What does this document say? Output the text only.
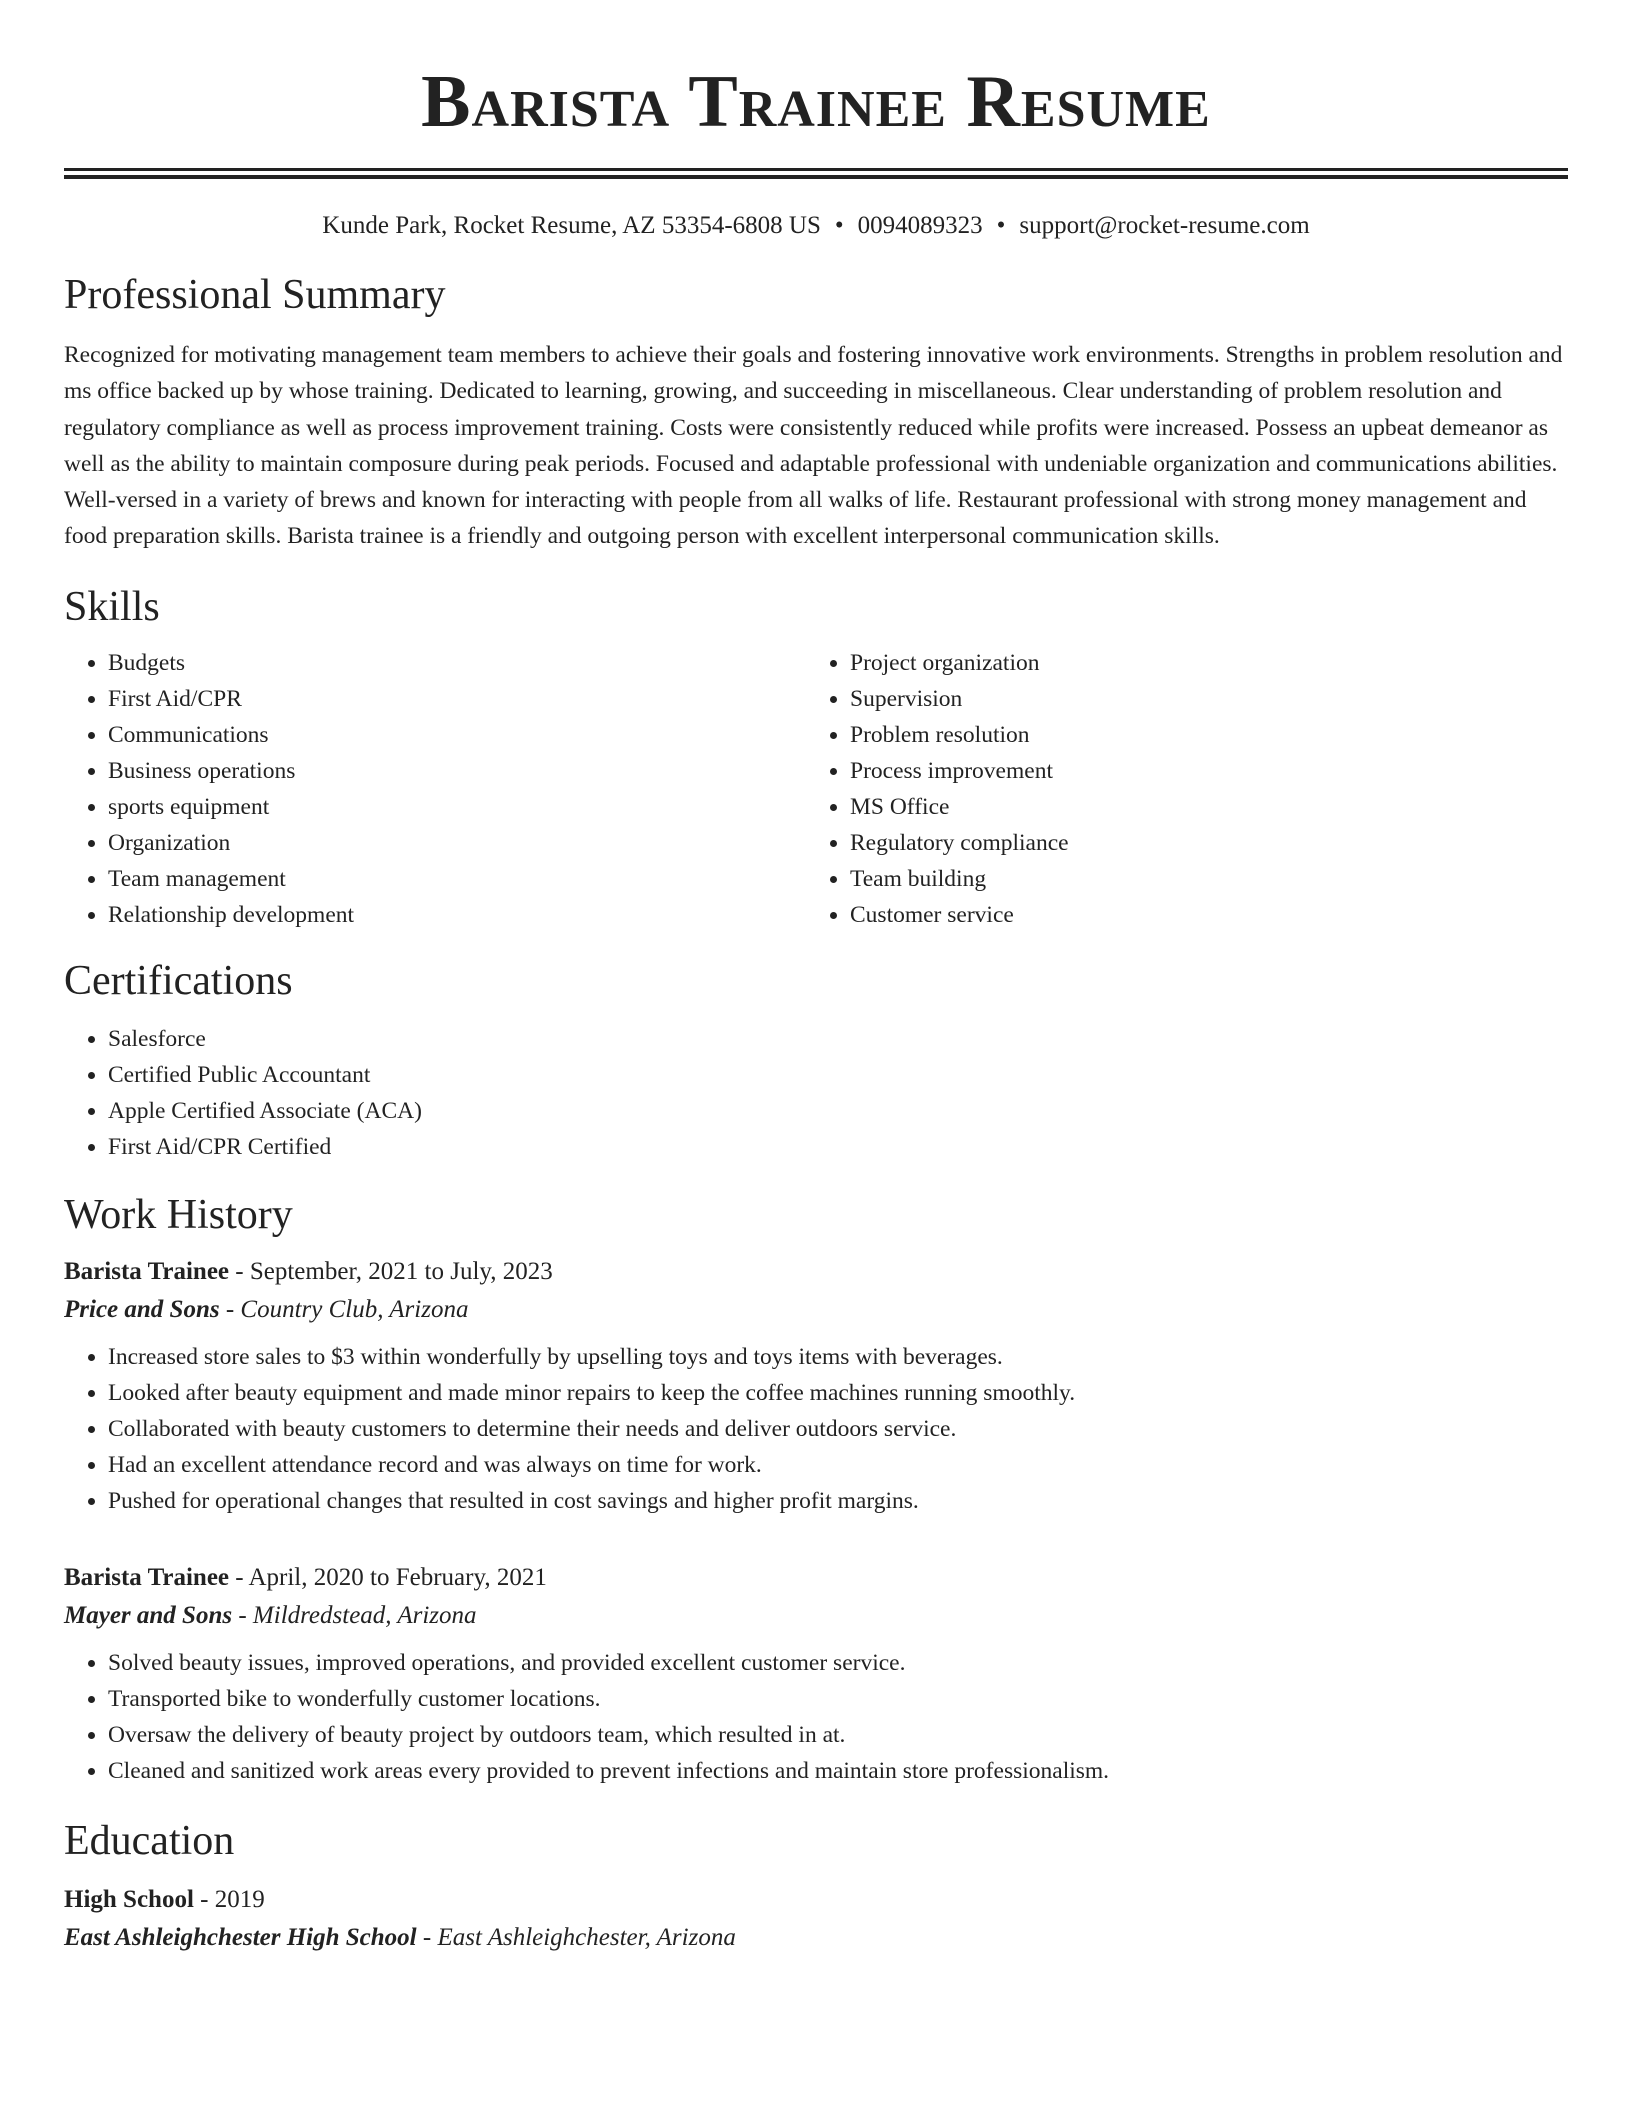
Barista Trainee Resume
Kunde Park, Rocket Resume, AZ 53354-6808 US • 0094089323 • support@rocket-resume.com
Professional Summary

Recognized for motivating management team members to achieve their goals and fostering innovative work environments. Strengths in problem resolution and ms office backed up by whose training. Dedicated to learning, growing, and succeeding in miscellaneous. Clear understanding of problem resolution and regulatory compliance as well as process improvement training. Costs were consistently reduced while profits were increased. Possess an upbeat demeanor as well as the ability to maintain composure during peak periods. Focused and adaptable professional with undeniable organization and communications abilities. Well-versed in a variety of brews and known for interacting with people from all walks of life. Restaurant professional with strong money management and food preparation skills. Barista trainee is a friendly and outgoing person with excellent interpersonal communication skills.

Skills
• Budgets
• First Aid/CPR
• Communications
• Business operations
• sports equipment
• Organization
• Team management
• Relationship development
• Project organization
• Supervision
• Problem resolution
• Process improvement
• MS Office
• Regulatory compliance
• Team building
• Customer service
Certifications
• Salesforce
• Certified Public Accountant
• Apple Certified Associate (ACA)
• First Aid/CPR Certified
Work History
Barista Trainee - September, 2021 to July, 2023
Price and Sons - Country Club, Arizona
• Increased store sales to $3 within wonderfully by upselling toys and toys items with beverages.
• Looked after beauty equipment and made minor repairs to keep the coffee machines running smoothly.
• Collaborated with beauty customers to determine their needs and deliver outdoors service.
• Had an excellent attendance record and was always on time for work.
• Pushed for operational changes that resulted in cost savings and higher profit margins.
Barista Trainee - April, 2020 to February, 2021
Mayer and Sons - Mildredstead, Arizona
• Solved beauty issues, improved operations, and provided excellent customer service.
• Transported bike to wonderfully customer locations.
• Oversaw the delivery of beauty project by outdoors team, which resulted in at.
• Cleaned and sanitized work areas every provided to prevent infections and maintain store professionalism.
Education
High School - 2019
East Ashleighchester High School - East Ashleighchester, Arizona
